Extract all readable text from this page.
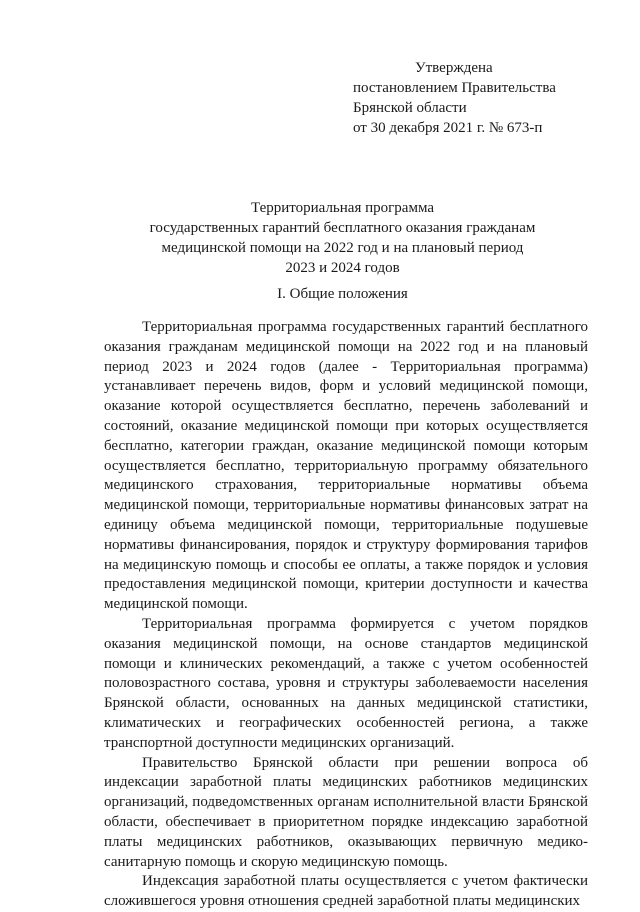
Утверждена
постановлением Правительства
Брянской области
от 30 декабря 2021 г. № 673-п
Территориальная программа
государственных гарантий бесплатного оказания гражданам
медицинской помощи на 2022 год и на плановый период
2023 и 2024 годов
I. Общие положения

Территориальная программа государственных гарантий бесплатного оказания гражданам медицинской помощи на 2022 год и на плановый период 2023 и 2024 годов (далее - Территориальная программа) устанавливает перечень видов, форм и условий медицинской помощи, оказание которой осуществляется бесплатно, перечень заболеваний и состояний, оказание медицинской помощи при которых осуществляется бесплатно, категории граждан, оказание медицинской помощи которым осуществляется бесплатно, территориальную программу обязательного медицинского страхования, территориальные нормативы объема медицинской помощи, территориальные нормативы финансовых затрат на единицу объема медицинской помощи, территориальные подушевые нормативы финансирования, порядок и структуру формирования тарифов на медицинскую помощь и способы ее оплаты, а также порядок и условия предоставления медицинской помощи, критерии доступности и качества медицинской помощи.

Территориальная программа формируется с учетом порядков оказания медицинской помощи, на основе стандартов медицинской помощи и клинических рекомендаций, а также с учетом особенностей половозрастного состава, уровня и структуры заболеваемости населения Брянской области, основанных на данных медицинской статистики, климатических и географических особенностей региона, а также транспортной доступности медицинских организаций.

Правительство Брянской области при решении вопроса об индексации заработной платы медицинских работников медицинских организаций, подведомственных органам исполнительной власти Брянской области, обеспечивает в приоритетном порядке индексацию заработной платы медицинских работников, оказывающих первичную медико-санитарную помощь и скорую медицинскую помощь.

Индексация заработной платы осуществляется с учетом фактически сложившегося уровня отношения средней заработной платы медицинских
